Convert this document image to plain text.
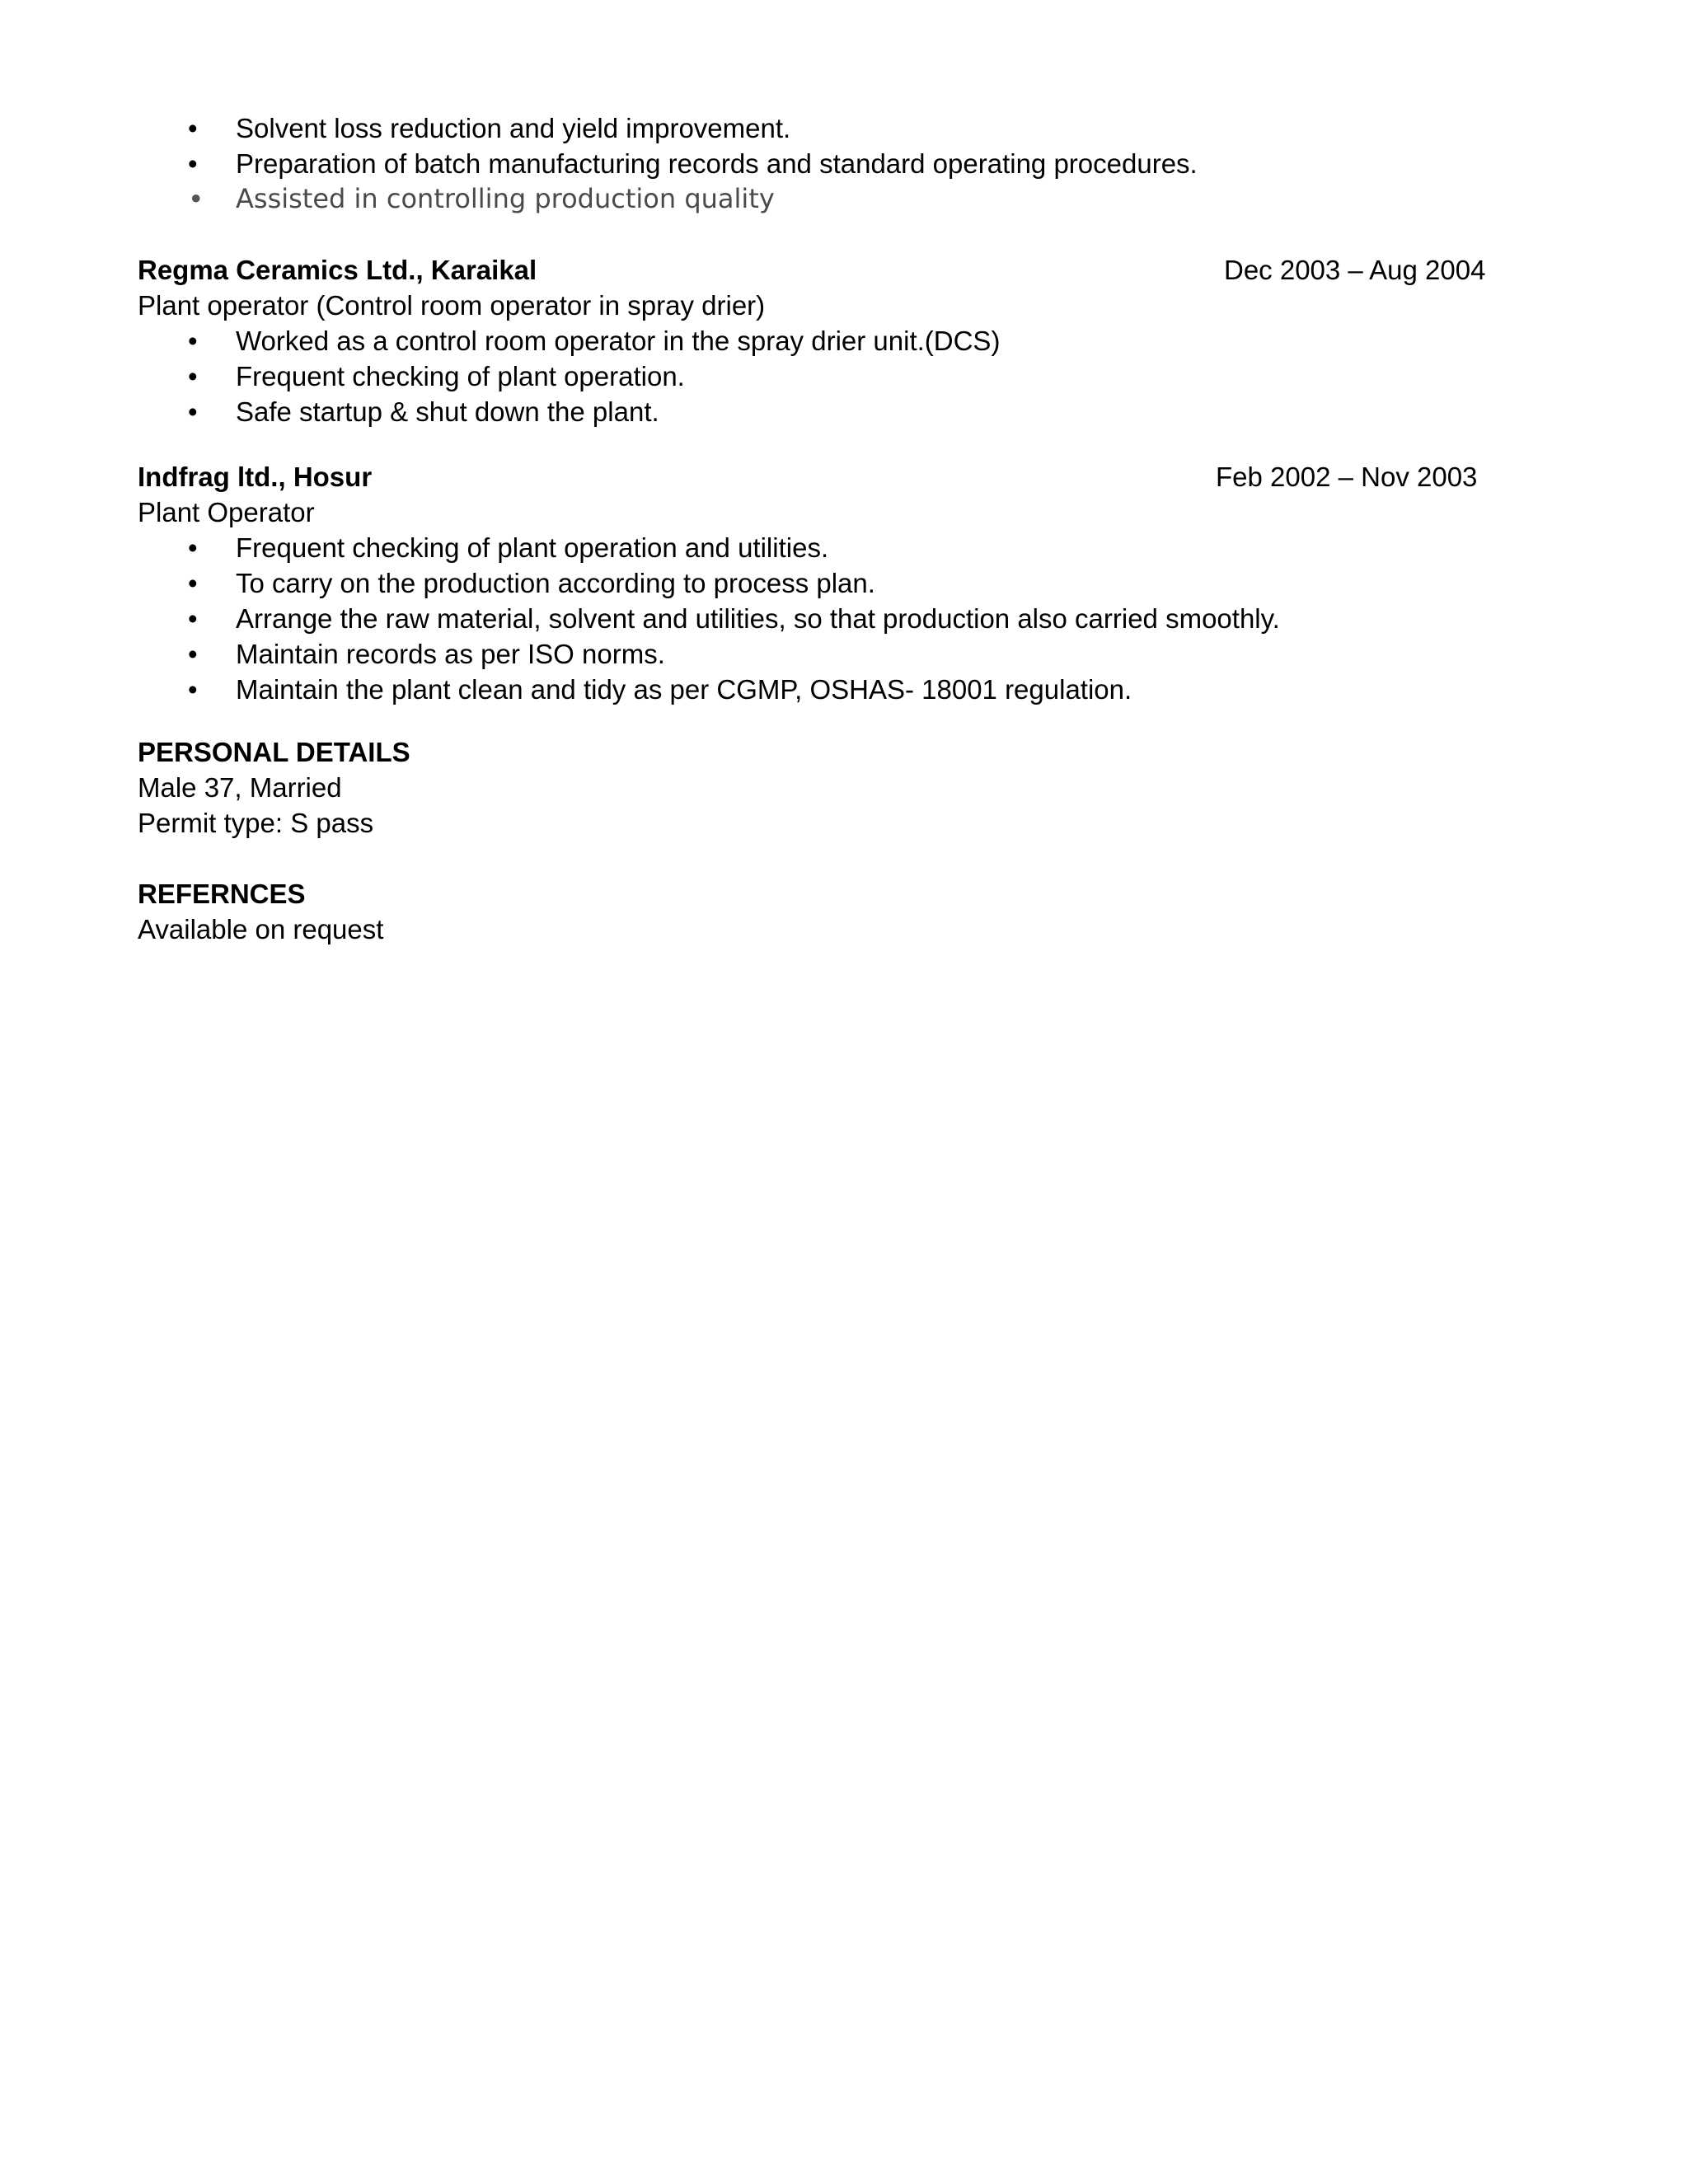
• Solvent loss reduction and yield improvement.
• Preparation of batch manufacturing records and standard operating procedures.
• Assisted in controlling production quality
Regma Ceramics Ltd., Karaikal	Dec 2003 – Aug 2004
Plant operator (Control room operator in spray drier)
• Worked as a control room operator in the spray drier unit.(DCS)
• Frequent checking of plant operation.
• Safe startup & shut down the plant.
Indfrag ltd., Hosur	Feb 2002 – Nov 2003
Plant Operator
• Frequent checking of plant operation and utilities.
• To carry on the production according to process plan.
• Arrange the raw material, solvent and utilities, so that production also carried smoothly.
• Maintain records as per ISO norms.
• Maintain the plant clean and tidy as per CGMP, OSHAS- 18001 regulation.
PERSONAL DETAILS
Male 37, Married
Permit type: S pass
REFERNCES
Available on request
